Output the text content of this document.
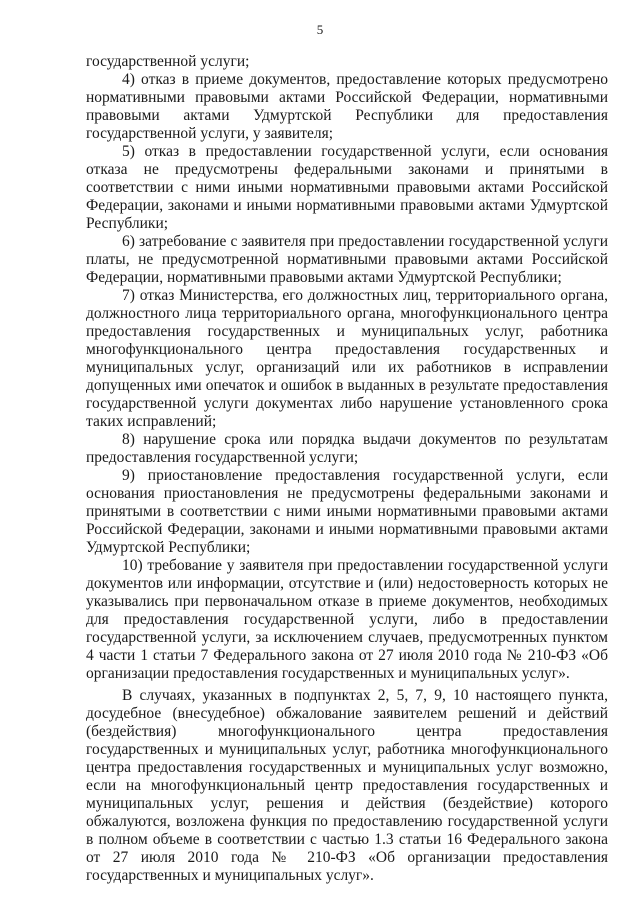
5

государственной услуги;

4) отказ в приеме документов, предоставление которых предусмотрено нормативными правовыми актами Российской Федерации, нормативными правовыми актами Удмуртской Республики для предоставления государственной услуги, у заявителя;

5) отказ в предоставлении государственной услуги, если основания отказа не предусмотрены федеральными законами и принятыми в соответствии с ними иными нормативными правовыми актами Российской Федерации, законами и иными нормативными правовыми актами Удмуртской Республики;

6) затребование с заявителя при предоставлении государственной услуги платы, не предусмотренной нормативными правовыми актами Российской Федерации, нормативными правовыми актами Удмуртской Республики;

7) отказ Министерства, его должностных лиц, территориального органа, должностного лица территориального органа, многофункционального центра предоставления государственных и муниципальных услуг, работника многофункционального центра предоставления государственных и муниципальных услуг, организаций или их работников в исправлении допущенных ими опечаток и ошибок в выданных в результате предоставления государственной услуги документах либо нарушение установленного срока таких исправлений;

8) нарушение срока или порядка выдачи документов по результатам предоставления государственной услуги;

9) приостановление предоставления государственной услуги, если основания приостановления не предусмотрены федеральными законами и принятыми в соответствии с ними иными нормативными правовыми актами Российской Федерации, законами и иными нормативными правовыми актами Удмуртской Республики;

10) требование у заявителя при предоставлении государственной услуги документов или информации, отсутствие и (или) недостоверность которых не указывались при первоначальном отказе в приеме документов, необходимых для предоставления государственной услуги, либо в предоставлении государственной услуги, за исключением случаев, предусмотренных пунктом 4 части 1 статьи 7 Федерального закона от 27 июля 2010 года № 210-ФЗ «Об организации предоставления государственных и муниципальных услуг».

В случаях, указанных в подпунктах 2, 5, 7, 9, 10 настоящего пункта, досудебное (внесудебное) обжалование заявителем решений и действий (бездействия) многофункционального центра предоставления государственных и муниципальных услуг, работника многофункционального центра предоставления государственных и муниципальных услуг возможно, если на многофункциональный центр предоставления государственных и муниципальных услуг, решения и действия (бездействие) которого обжалуются, возложена функция по предоставлению государственной услуги в полном объеме в соответствии с частью 1.3 статьи 16 Федерального закона от 27 июля 2010 года № 210-ФЗ «Об организации предоставления государственных и муниципальных услуг».
